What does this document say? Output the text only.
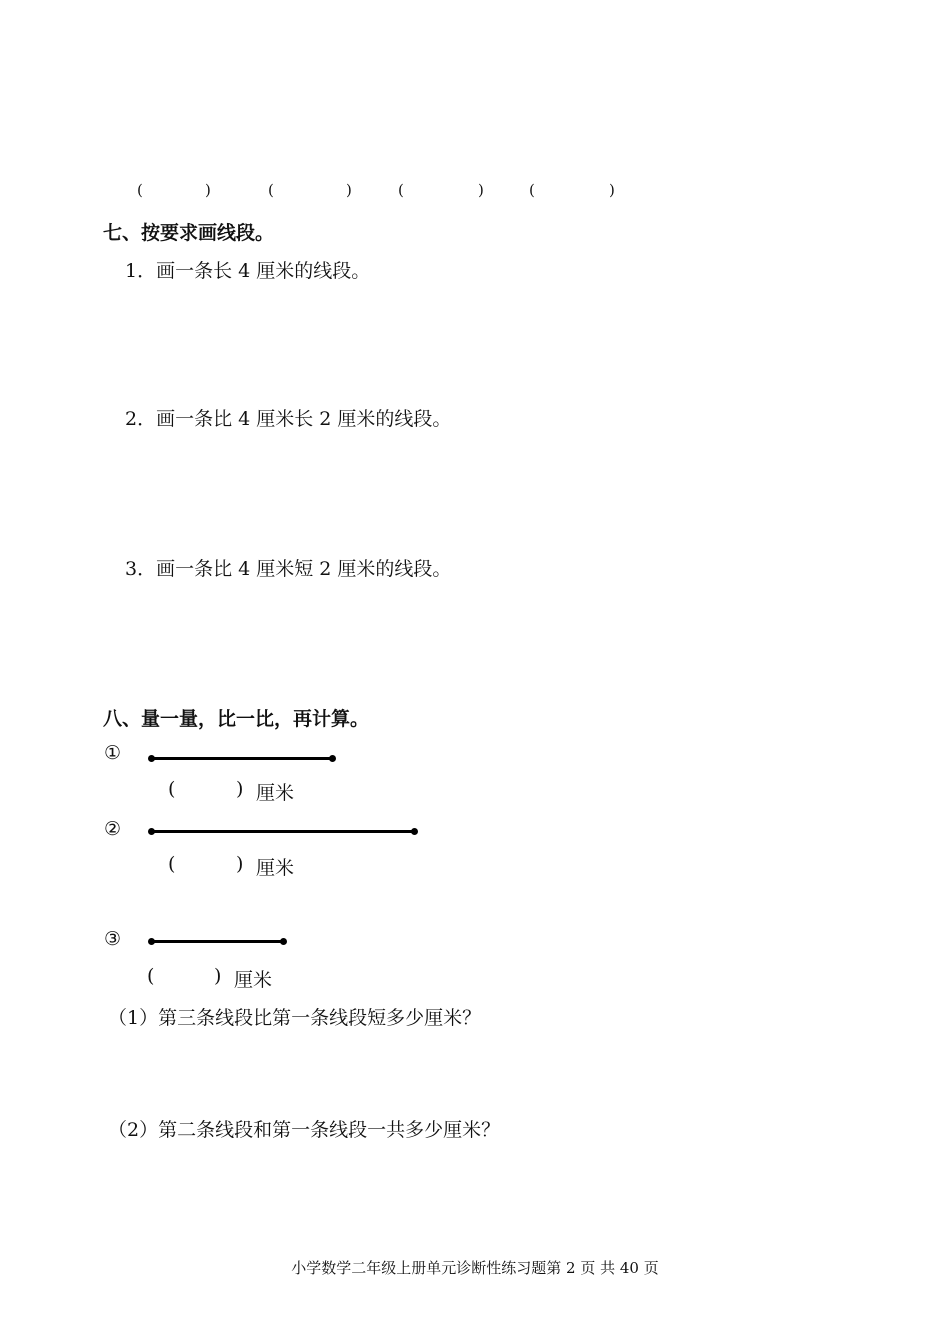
(	)	(	)	(	)	(	)
七、按要求画线段。
1．画一条长 4 厘米的线段。
2．画一条比 4 厘米长 2 厘米的线段。
3．画一条比 4 厘米短 2 厘米的线段。
八、量一量，比一比，再计算。
①
(	) 厘米
②
(	) 厘米
③
(	) 厘米
（1）第三条线段比第一条线段短多少厘米？
（2）第二条线段和第一条线段一共多少厘米？
小学数学二年级上册单元诊断性练习题第 2 页 共 40 页
